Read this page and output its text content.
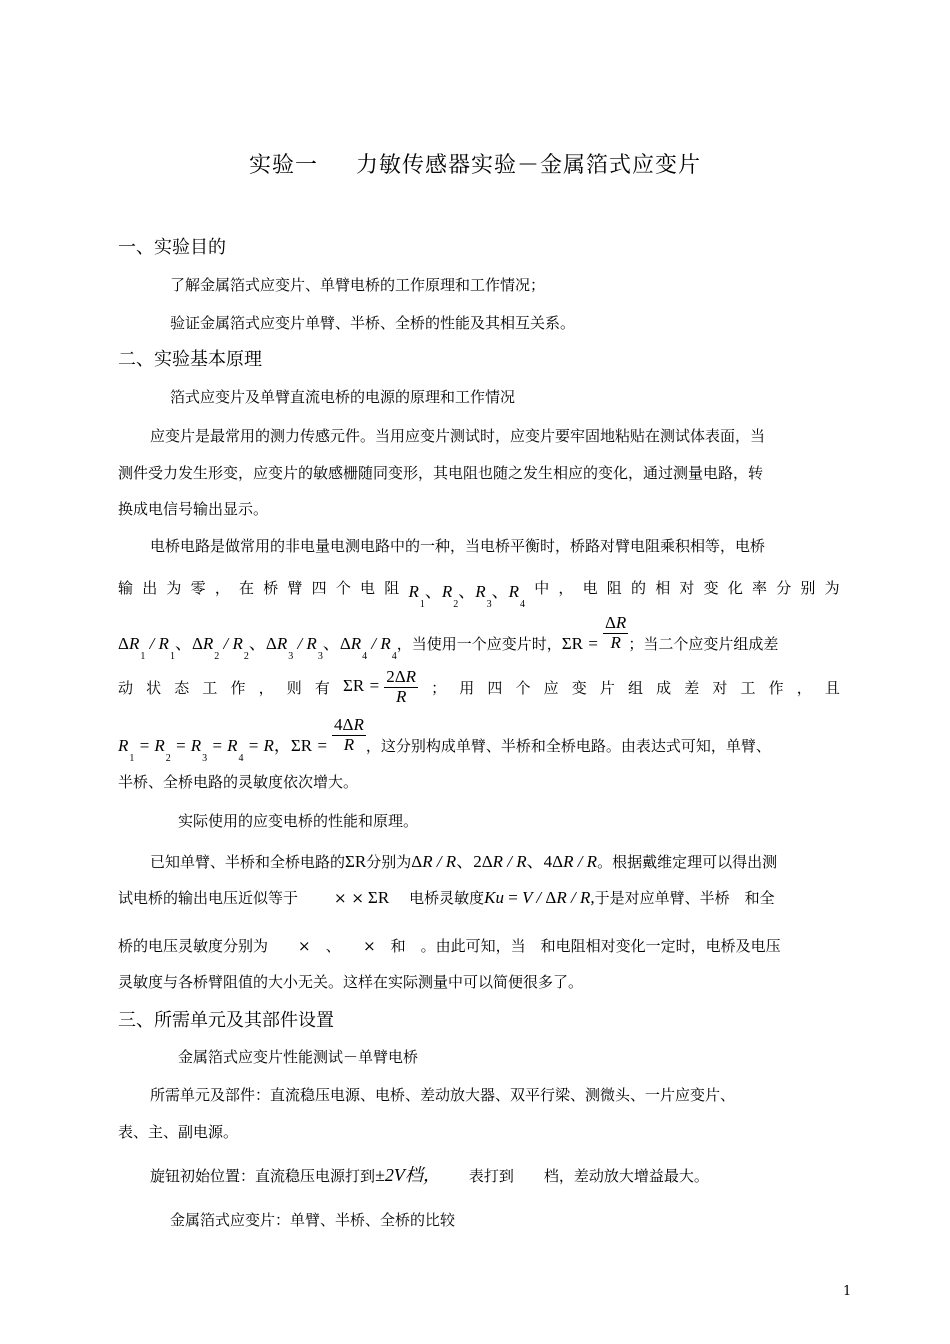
实验一 力敏传感器实验－金属箔式应变片
一、实验目的
了解金属箔式应变片、单臂电桥的工作原理和工作情况；
验证金属箔式应变片单臂、半桥、全桥的性能及其相互关系。
二、实验基本原理
箔式应变片及单臂直流电桥的电源的原理和工作情况
应变片是最常用的测力传感元件。当用应变片测试时，应变片要牢固地粘贴在测试体表面，当
测件受力发生形变，应变片的敏感栅随同变形，其电阻也随之发生相应的变化，通过测量电路，转
换成电信号输出显示。
电桥电路是做常用的非电量电测电路中的一种，当电桥平衡时，桥路对臂电阻乘积相等，电桥
输 出 为 零 ， 在 桥 臂 四 个 电 阻 $R_1$、$R_2$、$R_3$、$R_4$
中 ， 电 阻 的 相 对 变 化 率 分 别 为
$\Delta R_1 / R_1$、$\Delta R_2 / R_2$、$\Delta R_3 / R_3$、$\Delta R_4 / R_4$，当使用一个应变片时，$\Sigma R = \frac{\Delta R}{R}$ ；当二个应变片组成差
动 状 态 工 作 ， 则 有 $\Sigma R = \frac{2\Delta R}{R}$ ； 用 四 个 应 变 片 组 成 差 对 工 作 ， 且
$R_1 = R_2 = R_3 = R_4 = R$，$\Sigma R = \frac{4\Delta R}{R}$ ，这分别构成单臂、半桥和全桥电路。由表达式可知，单臂、
半桥、全桥电路的灵敏度依次增大。
实际使用的应变电桥的性能和原理。
已知单臂、半桥和全桥电路的ΣR分别为ΔR / R、2ΔR / R、4ΔR / R。根据戴维定理可以得出测
试电桥的输出电压近似等于 × × ΣR 电桥灵敏度Ku = V / ΔR / R,于是对应单臂、半桥　和全
桥的电压灵敏度分别为　　×　、　　×　和　。由此可知，当　和电阻相对变化一定时，电桥及电压
灵敏度与各桥臂阻值的大小无关。这样在实际测量中可以简便很多了。
三、所需单元及其部件设置
金属箔式应变片性能测试－单臂电桥
所需单元及部件：直流稳压电源、电桥、差动放大器、双平行梁、测微头、一片应变片、
表、主、副电源。
旋钮初始位置：直流稳压电源打到±2V档， 表打到　　档，差动放大增益最大。
金属箔式应变片：单臂、半桥、全桥的比较
1
